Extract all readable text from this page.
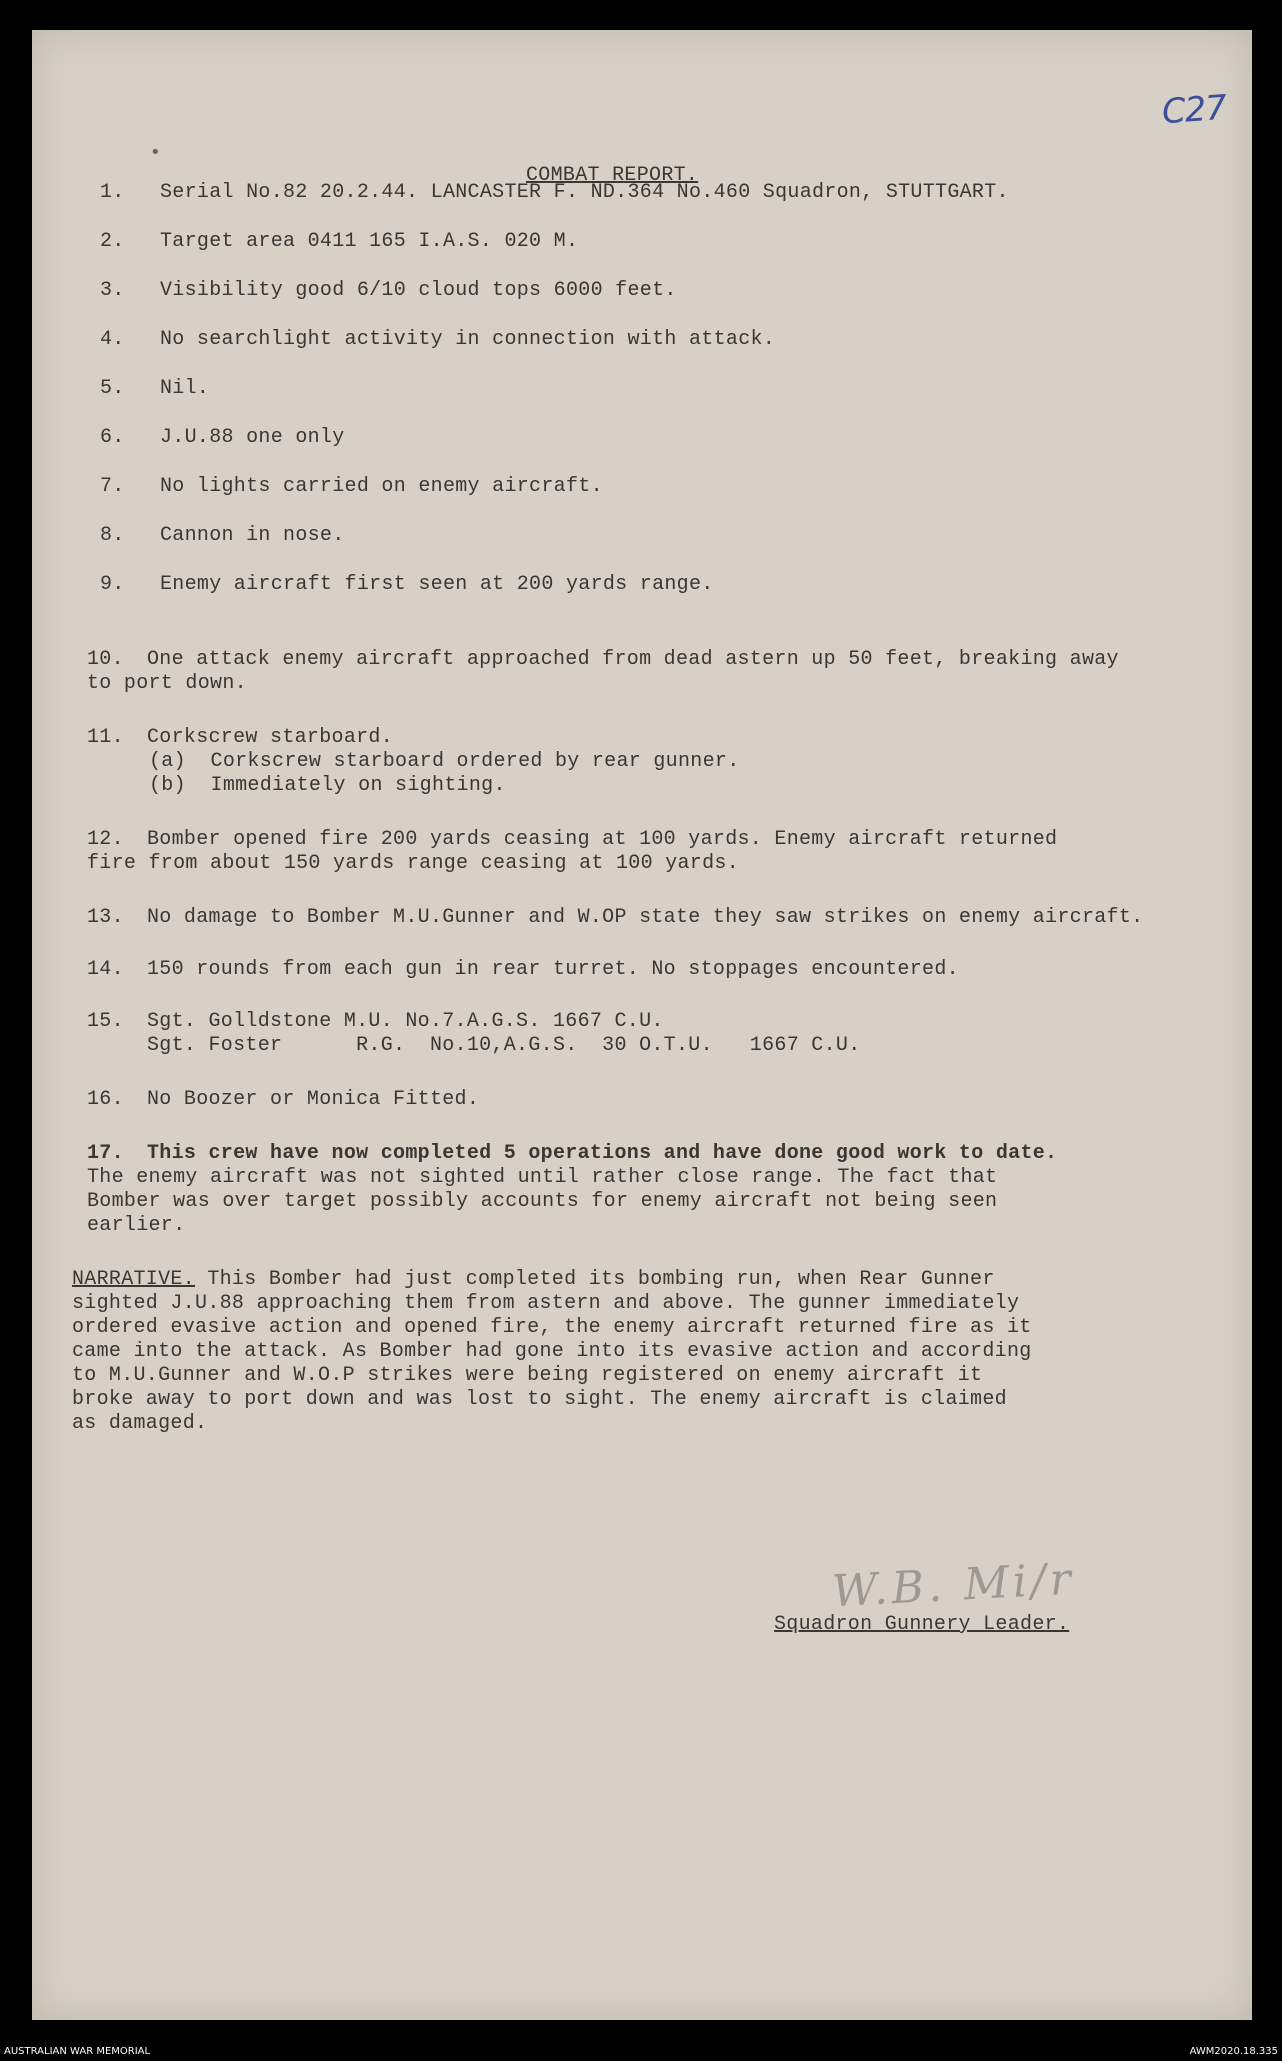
C27
•
COMBAT REPORT.
1. Serial No.82 20.2.44. LANCASTER F. ND.364 No.460 Squadron, STUTTGART.
2. Target area 0411 165 I.A.S. 020 M.
3. Visibility good 6/10 cloud tops 6000 feet.
4. No searchlight activity in connection with attack.
5. Nil.
6. J.U.88 one only
7. No lights carried on enemy aircraft.
8. Cannon in nose.
9. Enemy aircraft first seen at 200 yards range.
10. One attack enemy aircraft approached from dead astern up 50 feet, breaking away
to port down.
11. Corkscrew starboard.
(a) Corkscrew starboard ordered by rear gunner.
(b) Immediately on sighting.
12. Bomber opened fire 200 yards ceasing at 100 yards. Enemy aircraft returned
fire from about 150 yards range ceasing at 100 yards.
13. No damage to Bomber M.U.Gunner and W.OP state they saw strikes on enemy aircraft.
14. 150 rounds from each gun in rear turret. No stoppages encountered.
15. Sgt. Golldstone M.U. No.7.A.G.S. 1667 C.U.
Sgt. Foster      R.G.  No.10,A.G.S.  30 O.T.U.   1667 C.U.
16. No Boozer or Monica Fitted.
17. This crew have now completed 5 operations and have done good work to date.
The enemy aircraft was not sighted until rather close range. The fact that
Bomber was over target possibly accounts for enemy aircraft not being seen
earlier.
NARRATIVE. This Bomber had just completed its bombing run, when Rear Gunner
sighted J.U.88 approaching them from astern and above. The gunner immediately
ordered evasive action and opened fire, the enemy aircraft returned fire as it
came into the attack. As Bomber had gone into its evasive action and according
to M.U.Gunner and W.O.P strikes were being registered on enemy aircraft it
broke away to port down and was lost to sight. The enemy aircraft is claimed
as damaged.
W.B. Mi/r
Squadron Gunnery Leader.
AUSTRALIAN WAR MEMORIAL	AWM2020.18.335
